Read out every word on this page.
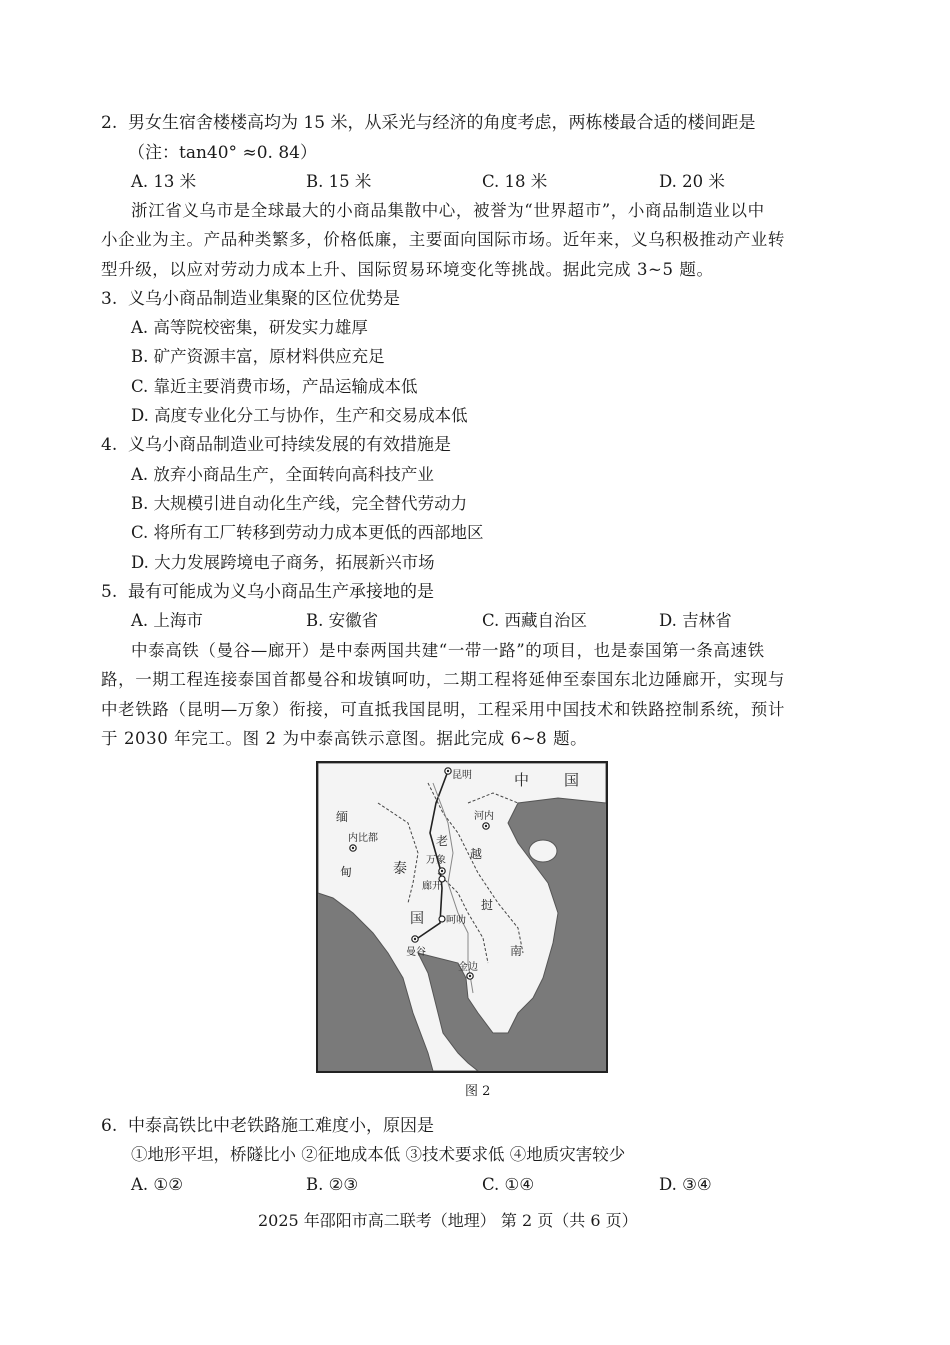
2. 男女生宿舍楼楼高均为 15 米，从采光与经济的角度考虑，两栋楼最合适的楼间距是
（注：tan40° ≈0. 84）
A. 13 米	B. 15 米	C. 18 米	D. 20 米
浙江省义乌市是全球最大的小商品集散中心，被誉为“世界超市”，小商品制造业以中
小企业为主。产品种类繁多，价格低廉，主要面向国际市场。近年来，义乌积极推动产业转
型升级，以应对劳动力成本上升、国际贸易环境变化等挑战。据此完成 3~5 题。
3. 义乌小商品制造业集聚的区位优势是
A. 高等院校密集，研发实力雄厚
B. 矿产资源丰富，原材料供应充足
C. 靠近主要消费市场，产品运输成本低
D. 高度专业化分工与协作，生产和交易成本低
4. 义乌小商品制造业可持续发展的有效措施是
A. 放弃小商品生产，全面转向高科技产业
B. 大规模引进自动化生产线，完全替代劳动力
C. 将所有工厂转移到劳动力成本更低的西部地区
D. 大力发展跨境电子商务，拓展新兴市场
5. 最有可能成为义乌小商品生产承接地的是
A. 上海市	B. 安徽省	C. 西藏自治区	D. 吉林省
中泰高铁（曼谷—廊开）是中泰两国共建“一带一路”的项目，也是泰国第一条高速铁
路，一期工程连接泰国首都曼谷和坺镇呵叻，二期工程将延伸至泰国东北边陲廊开，实现与
中老铁路（昆明—万象）衔接，可直抵我国昆明，工程采用中国技术和铁路控制系统，预计
于 2030 年完工。图 2 为中泰高铁示意图。据此完成 6~8 题。
昆明	中 国
缅
内比都
甸
河内
老
万象
廊开
越
泰
国 呵叻
挝
曼谷	南
金边
图 2
6. 中泰高铁比中老铁路施工难度小，原因是
①地形平坦，桥隧比小 ②征地成本低 ③技术要求低 ④地质灾害较少
A. ①②	B. ②③	C. ①④	D. ③④
2025 年邵阳市高二联考（地理） 第 2 页（共 6 页）
